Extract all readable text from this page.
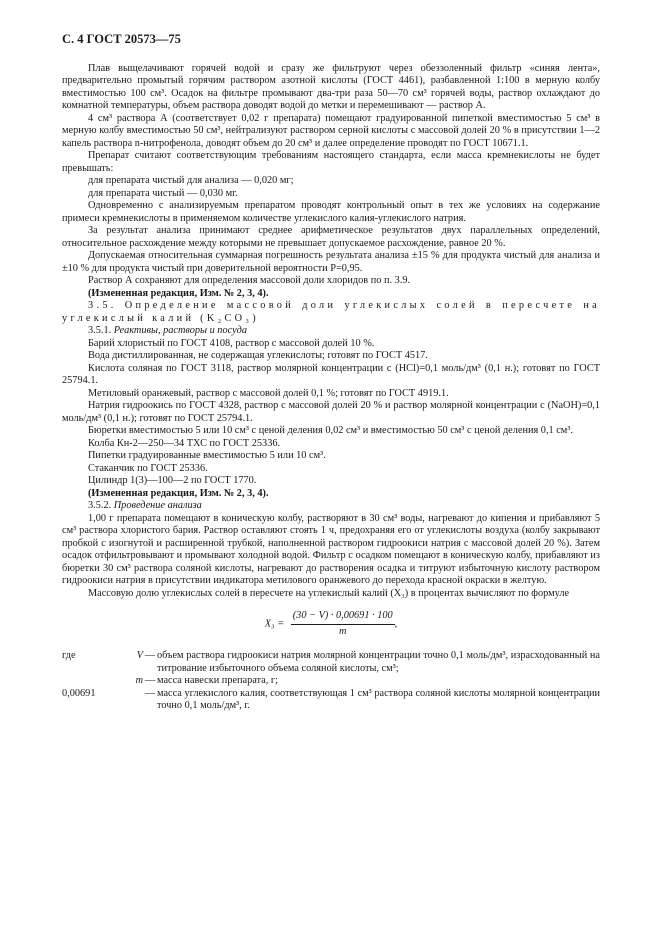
С. 4 ГОСТ 20573—75

Плав выщелачивают горячей водой и сразу же фильтруют через обеззоленный фильтр «синяя лента», предварительно промытый горячим раствором азотной кислоты (ГОСТ 4461), разбавленной 1:100 в мерную колбу вместимостью 100 см³. Осадок на фильтре промывают два-три раза 50—70 см³ горячей воды, раствор охлаждают до комнатной температуры, объем раствора доводят водой до метки и перемешивают — раствор А.

4 см³ раствора А (соответствует 0,02 г препарата) помещают градуированной пипеткой вместимостью 5 см³ в мерную колбу вместимостью 50 см³, нейтрализуют раствором серной кислоты с массовой долей 20 % в присутствии 1—2 капель раствора n-нитрофенола, доводят объем до 20 см³ и далее определение проводят по ГОСТ 10671.1.

Препарат считают соответствующим требованиям настоящего стандарта, если масса кремнекислоты не будет превышать:

для препарата чистый для анализа — 0,020 мг;

для препарата чистый — 0,030 мг.

Одновременно с анализируемым препаратом проводят контрольный опыт в тех же условиях на содержание примеси кремнекислоты в применяемом количестве углекислого калия-углекислого натрия.

За результат анализа принимают среднее арифметическое результатов двух параллельных определений, относительное расхождение между которыми не превышает допускаемое расхождение, равное 20 %.

Допускаемая относительная суммарная погрешность результата анализа ±15 % для продукта чистый для анализа и ±10 % для продукта чистый при доверительной вероятности P=0,95.

Раствор А сохраняют для определения массовой доли хлоридов по п. 3.9.

(Измененная редакция, Изм. № 2, 3, 4).

3.5. Определение массовой доли углекислых солей в пересчете на углекислый калий (K₂CO₃)

3.5.1. Реактивы, растворы и посуда

Барий хлористый по ГОСТ 4108, раствор с массовой долей 10 %.

Вода дистиллированная, не содержащая углекислоты; готовят по ГОСТ 4517.

Кислота соляная по ГОСТ 3118, раствор молярной концентрации с (HCl)=0,1 моль/дм³ (0,1 н.); готовят по ГОСТ 25794.1.

Метиловый оранжевый, раствор с массовой долей 0,1 %; готовят по ГОСТ 4919.1.

Натрия гидроокись по ГОСТ 4328, раствор с массовой долей 20 % и раствор молярной концентрации с (NaOH)=0,1 моль/дм³ (0,1 н.); готовят по ГОСТ 25794.1.

Бюретки вместимостью 5 или 10 см³ с ценой деления 0,02 см³ и вместимостью 50 см³ с ценой деления 0,1 см³.

Колба Кн-2—250—34 ТХС по ГОСТ 25336.

Пипетки градуированные вместимостью 5 или 10 см³.

Стаканчик по ГОСТ 25336.

Цилиндр 1(3)—100—2 по ГОСТ 1770.

(Измененная редакция, Изм. № 2, 3, 4).

3.5.2. Проведение анализа

1,00 г препарата помещают в коническую колбу, растворяют в 30 см³ воды, нагревают до кипения и прибавляют 5 см³ раствора хлористого бария. Раствор оставляют стоять 1 ч, предохраняя его от углекислоты воздуха (колбу закрывают пробкой с изогнутой и расширенной трубкой, наполненной раствором гидроокиси натрия с массовой долей 20 %). Затем осадок отфильтровывают и промывают холодной водой. Фильтр с осадком помещают в коническую колбу, прибавляют из бюретки 30 см³ раствора соляной кислоты, нагревают до растворения осадка и титруют избыточную кислоту раствором гидроокиси натрия в присутствии индикатора метилового оранжевого до перехода красной окраски в желтую.

Массовую долю углекислых солей в пересчете на углекислый калий (X₃) в процентах вычисляют по формуле

$X_3 = \frac{(30 - V) \cdot 0,00691 \cdot 100}{m}$ ,
где	V — объем раствора гидроокиси натрия молярной концентрации точно 0,1 моль/дм³, израсходованный на титрование избыточного объема соляной кислоты, см³;
m — масса навески препарата, г;
0,00691	— масса углекислого калия, соответствующая 1 см³ раствора соляной кислоты молярной концентрации точно 0,1 моль/дм³, г.
